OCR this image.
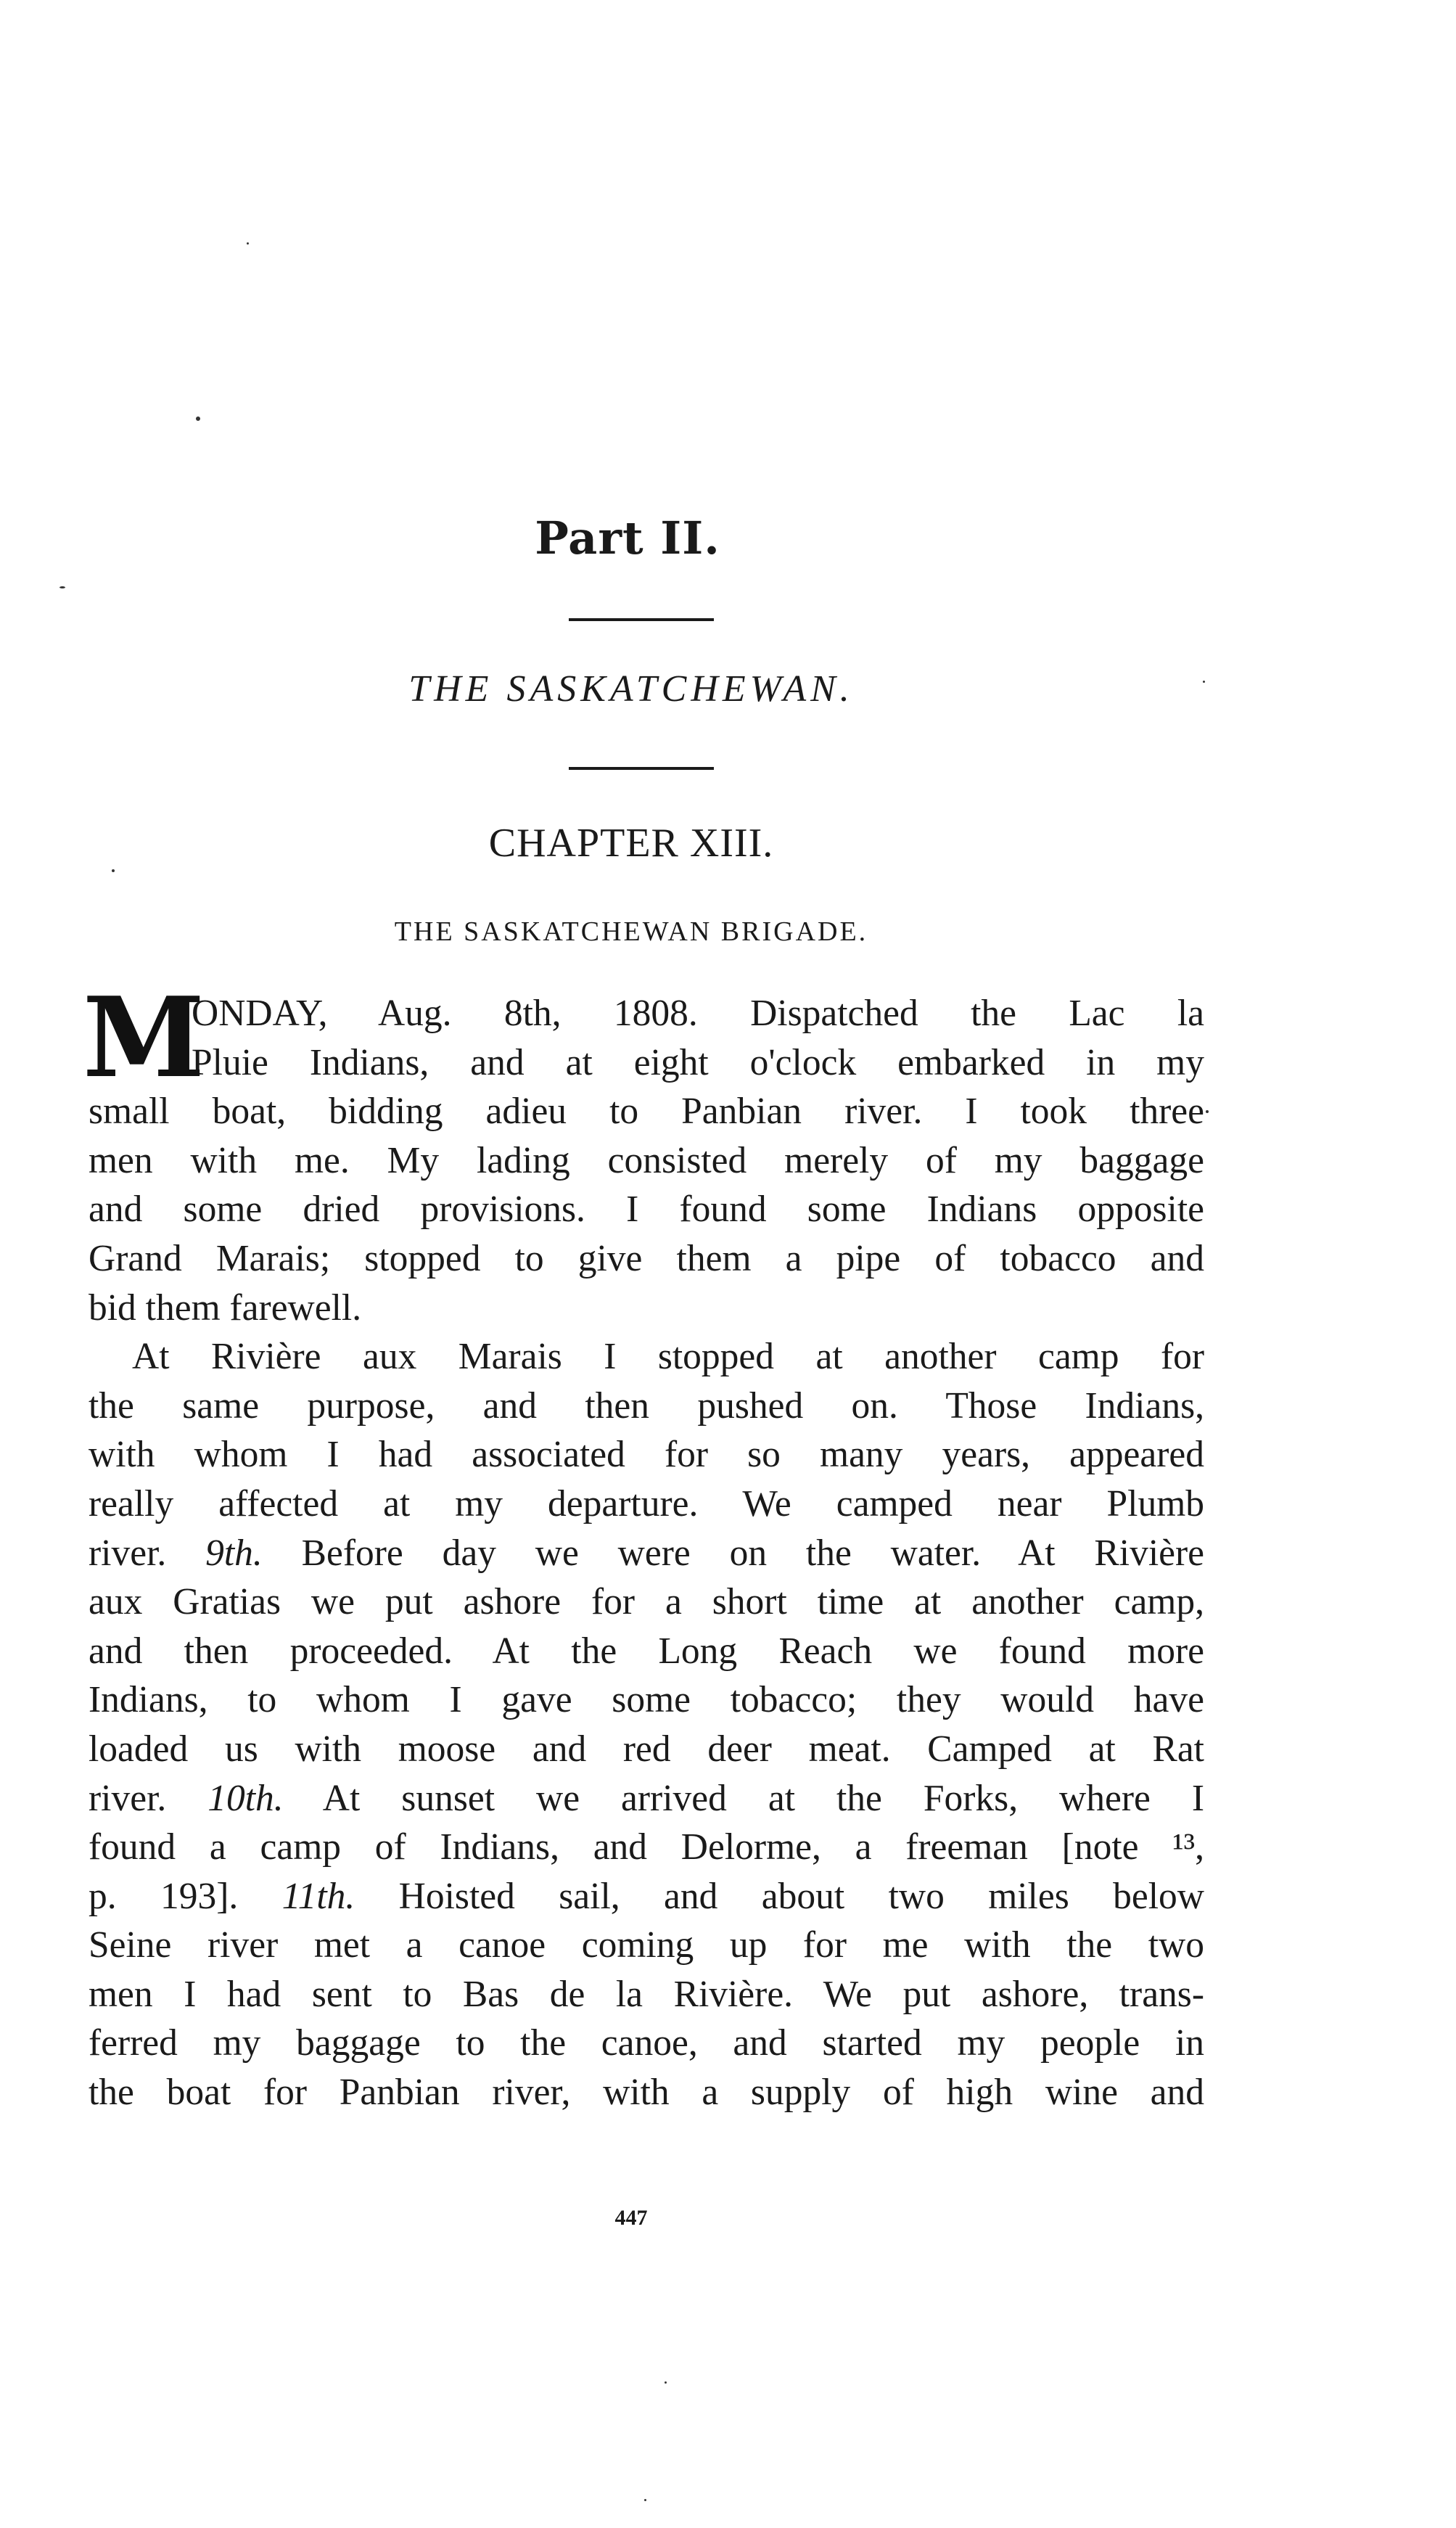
Part II.
THE SASKATCHEWAN.
CHAPTER XIII.
THE SASKATCHEWAN BRIGADE.
M
ONDAY, Aug. 8th, 1808. Dispatched the Lac la
Pluie Indians, and at eight o'clock embarked in my
small boat, bidding adieu to Panbian river. I took three
men with me. My lading consisted merely of my baggage
and some dried provisions. I found some Indians opposite
Grand Marais; stopped to give them a pipe of tobacco and
bid them farewell.
At Rivière aux Marais I stopped at another camp for
the same purpose, and then pushed on. Those Indians,
with whom I had associated for so many years, appeared
really affected at my departure. We camped near Plumb
river. 9th. Before day we were on the water. At Rivière
aux Gratias we put ashore for a short time at another camp,
and then proceeded. At the Long Reach we found more
Indians, to whom I gave some tobacco; they would have
loaded us with moose and red deer meat. Camped at Rat
river. 10th. At sunset we arrived at the Forks, where I
found a camp of Indians, and Delorme, a freeman [note ¹³,
p. 193]. 11th. Hoisted sail, and about two miles below
Seine river met a canoe coming up for me with the two
men I had sent to Bas de la Rivière. We put ashore, trans-
ferred my baggage to the canoe, and started my people in
the boat for Panbian river, with a supply of high wine and
447
